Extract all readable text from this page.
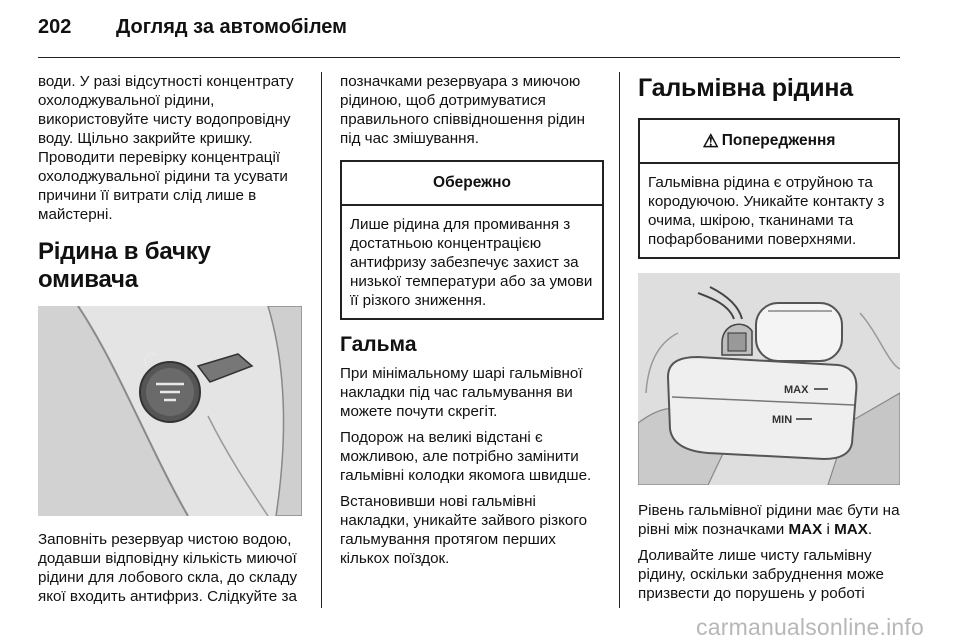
202	Догляд за автомобілем

води. У разі відсутності концентрату охолоджувальної рідини, використовуйте чисту водопровідну воду. Щільно закрийте кришку. Проводити перевірку концентрації охолоджувальної рідини та усувати причини її витрати слід лише в майстерні.

Рідина в бачку омивача

Заповніть резервуар чистою водою, додавши відповідну кількість миючої рідини для лобового скла, до складу якої входить антифриз. Слідкуйте за

позначками резервуара з миючою рідиною, щоб дотримуватися правильного співвідношення рідин під час змішування.

Обережно
Лише рідина для промивання з достатньою концентрацією антифризу забезпечує захист за низької температури або за умови її різкого зниження.
Гальма

При мінімальному шарі гальмівної накладки під час гальмування ви можете почути скрегіт.

Подорож на великі відстані є можливою, але потрібно замінити гальмівні колодки якомога швидше.

Встановивши нові гальмівні накладки, уникайте зайвого різкого гальмування протягом перших кількох поїздок.

Гальмівна рідина
⚠ Попередження
Гальмівна рідина є отруйною та кородуючою. Уникайте контакту з очима, шкірою, тканинами та пофарбованими поверхнями.
MAX
MIN

Рівень гальмівної рідини має бути на рівні між позначками MAX і MAX.

Доливайте лише чисту гальмівну рідину, оскільки забруднення може призвести до порушень у роботі

carmanualsonline.info
